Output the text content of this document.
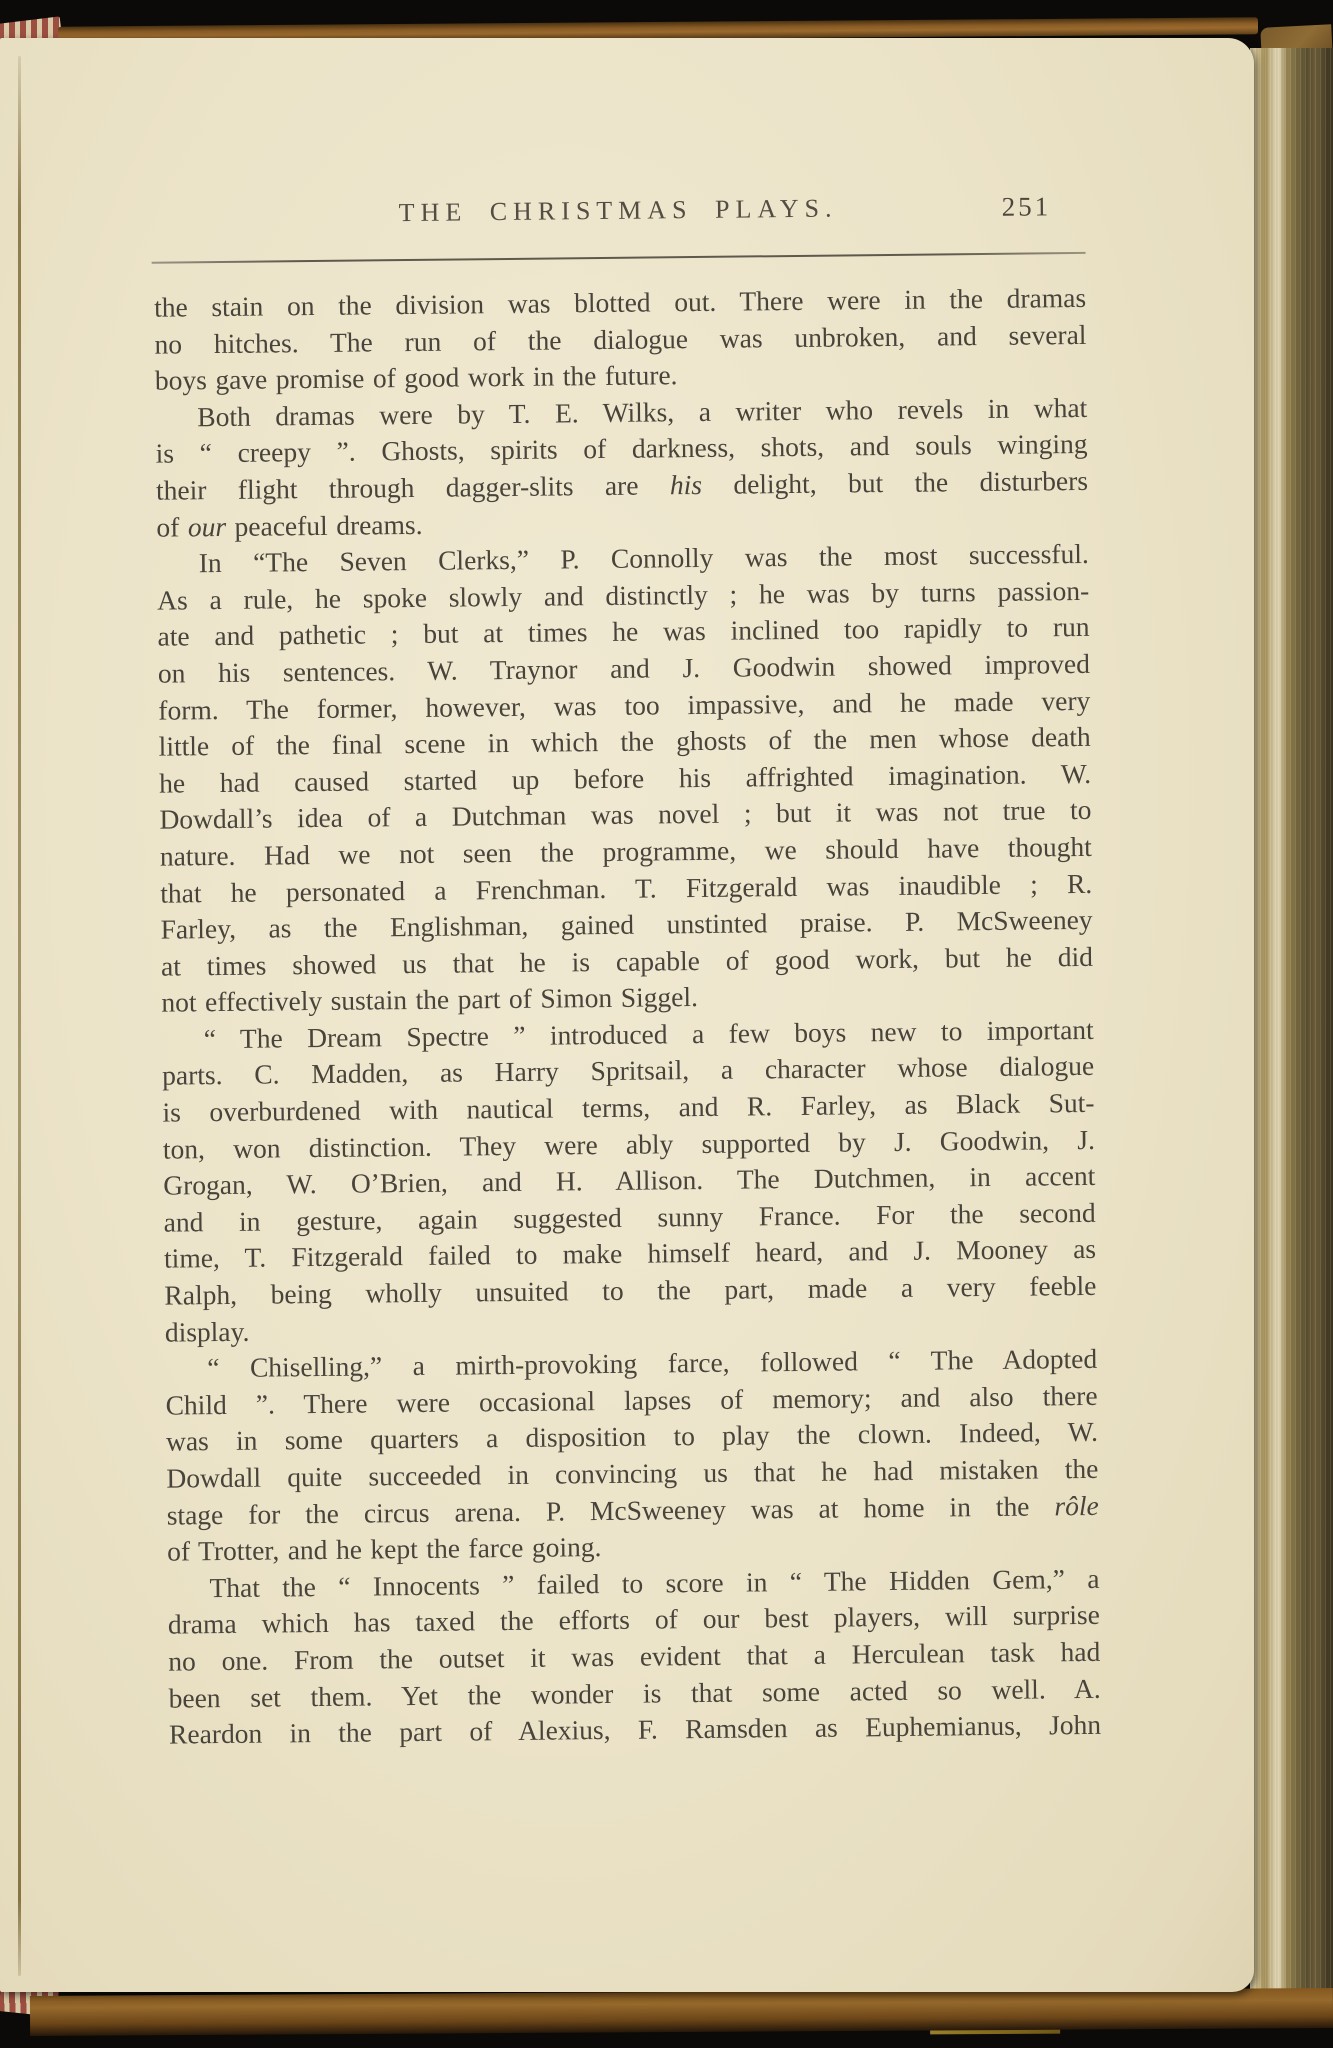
THE CHRISTMAS PLAYS.	251
the stain on the division was blotted out. There were in the dramas
no hitches. The run of the dialogue was unbroken, and several
boys gave promise of good work in the future.
Both dramas were by T. E. Wilks, a writer who revels in what
is “ creepy ”. Ghosts, spirits of darkness, shots, and souls winging
their flight through dagger-slits are his delight, but the disturbers
of our peaceful dreams.
In “The Seven Clerks,” P. Connolly was the most successful.
As a rule, he spoke slowly and distinctly ; he was by turns passion-
ate and pathetic ; but at times he was inclined too rapidly to run
on his sentences. W. Traynor and J. Goodwin showed improved
form. The former, however, was too impassive, and he made very
little of the final scene in which the ghosts of the men whose death
he had caused started up before his affrighted imagination. W.
Dowdall’s idea of a Dutchman was novel ; but it was not true to
nature. Had we not seen the programme, we should have thought
that he personated a Frenchman. T. Fitzgerald was inaudible ; R.
Farley, as the Englishman, gained unstinted praise. P. McSweeney
at times showed us that he is capable of good work, but he did
not effectively sustain the part of Simon Siggel.
“ The Dream Spectre ” introduced a few boys new to important
parts. C. Madden, as Harry Spritsail, a character whose dialogue
is overburdened with nautical terms, and R. Farley, as Black Sut-
ton, won distinction. They were ably supported by J. Goodwin, J.
Grogan, W. O’Brien, and H. Allison. The Dutchmen, in accent
and in gesture, again suggested sunny France. For the second
time, T. Fitzgerald failed to make himself heard, and J. Mooney as
Ralph, being wholly unsuited to the part, made a very feeble
display.
“ Chiselling,” a mirth-provoking farce, followed “ The Adopted
Child ”. There were occasional lapses of memory; and also there
was in some quarters a disposition to play the clown. Indeed, W.
Dowdall quite succeeded in convincing us that he had mistaken the
stage for the circus arena. P. McSweeney was at home in the rôle
of Trotter, and he kept the farce going.
That the “ Innocents ” failed to score in “ The Hidden Gem,” a
drama which has taxed the efforts of our best players, will surprise
no one. From the outset it was evident that a Herculean task had
been set them. Yet the wonder is that some acted so well. A.
Reardon in the part of Alexius, F. Ramsden as Euphemianus, John
